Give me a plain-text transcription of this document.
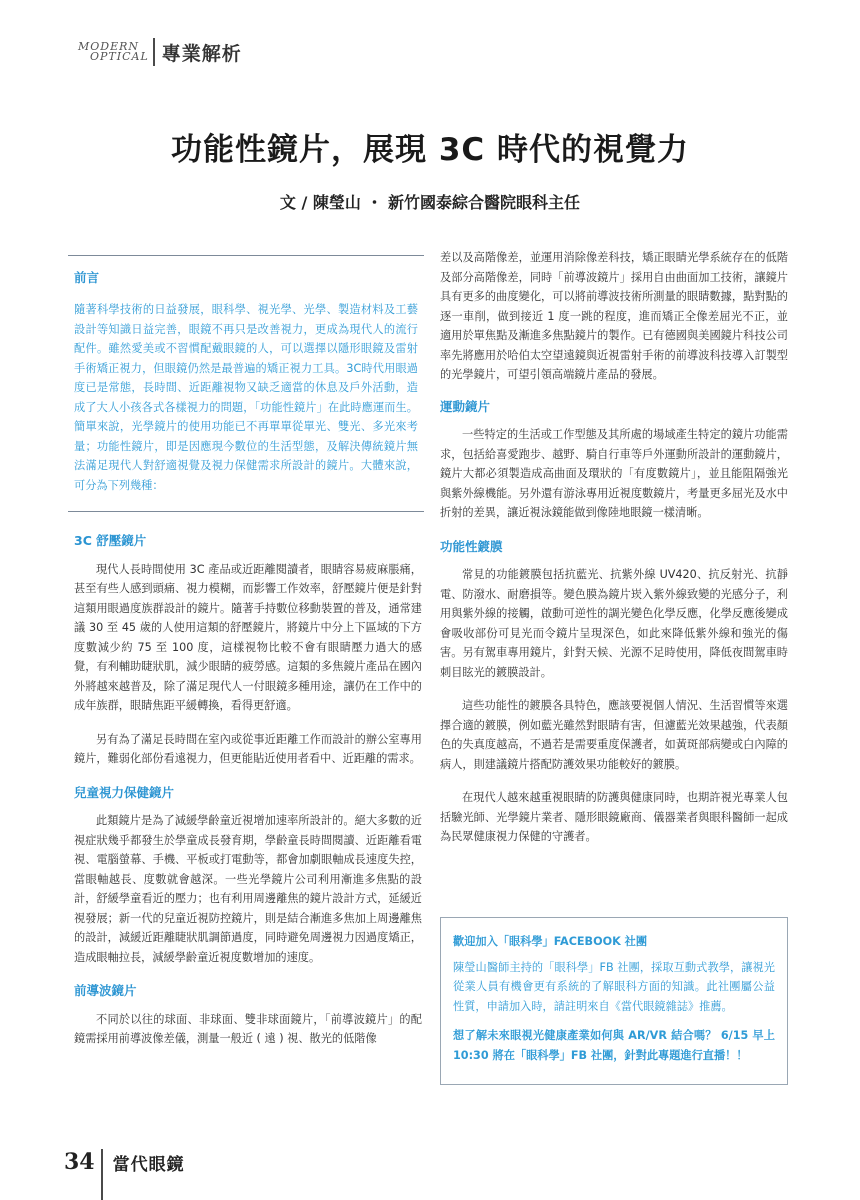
MODERN
OPTICAL 專業解析
功能性鏡片，展現 3C 時代的視覺力
文 / 陳瑩山 ・ 新竹國泰綜合醫院眼科主任
前言

隨著科學技術的日益發展，眼科學、視光學、光學、製造材料及工藝設計等知識日益完善，眼鏡不再只是改善視力，更成為現代人的流行配件。雖然愛美或不習慣配戴眼鏡的人，可以選擇以隱形眼鏡及雷射手術矯正視力，但眼鏡仍然是最普遍的矯正視力工具。3C時代用眼過度已是常態，長時間、近距離視物又缺乏適當的休息及戶外活動，造成了大人小孩各式各樣視力的問題，「功能性鏡片」在此時應運而生。簡單來說，光學鏡片的使用功能已不再單單從單光、雙光、多光來考量；功能性鏡片，即是因應現今數位的生活型態，及解決傳統鏡片無法滿足現代人對舒適視覺及視力保健需求所設計的鏡片。大體來說，可分為下列幾種：

3C 舒壓鏡片

現代人長時間使用 3C 產品或近距離閱讀者，眼睛容易疲麻脹痛，甚至有些人感到頭痛、視力模糊，而影響工作效率，舒壓鏡片便是針對這類用眼過度族群設計的鏡片。隨著手持數位移動裝置的普及，通常建議 30 至 45 歲的人使用這類的舒壓鏡片，將鏡片中分上下區域的下方度數減少約 75 至 100 度，這樣視物比較不會有眼睛壓力過大的感覺，有利輔助睫狀肌，減少眼睛的疲勞感。這類的多焦鏡片產品在國內外將越來越普及，除了滿足現代人一付眼鏡多種用途，讓仍在工作中的成年族群，眼睛焦距平緩轉換，看得更舒適。

另有為了滿足長時間在室內或從事近距離工作而設計的辦公室專用鏡片，難弱化部份看遠視力，但更能貼近使用者看中、近距離的需求。

兒童視力保健鏡片

此類鏡片是為了減緩學齡童近視增加速率所設計的。絕大多數的近視症狀幾乎都發生於學童成長發育期，學齡童長時間閱讀、近距離看電視、電腦螢幕、手機、平板或打電動等，都會加劇眼軸成長速度失控，當眼軸越長、度數就會越深。一些光學鏡片公司利用漸進多焦點的設計，舒緩學童看近的壓力；也有利用周邊離焦的鏡片設計方式，延緩近視發展；新一代的兒童近視防控鏡片，則是結合漸進多焦加上周邊離焦的設計，減緩近距離睫狀肌調節過度，同時避免周邊視力因過度矯正，造成眼軸拉長，減緩學齡童近視度數增加的速度。

前導波鏡片

不同於以往的球面、非球面、雙非球面鏡片，「前導波鏡片」的配鏡需採用前導波像差儀，測量一般近 ( 遠 ) 視、散光的低階像

差以及高階像差，並運用消除像差科技，矯正眼睛光學系統存在的低階及部分高階像差，同時「前導波鏡片」採用自由曲面加工技術，讓鏡片具有更多的曲度變化，可以將前導波技術所測量的眼睛數據，點對點的逐一車削，做到接近 1 度一跳的程度，進而矯正全像差屈光不正，並適用於單焦點及漸進多焦點鏡片的製作。已有德國與美國鏡片科技公司率先將應用於哈伯太空望遠鏡與近視雷射手術的前導波科技導入訂製型的光學鏡片，可望引領高端鏡片產品的發展。

運動鏡片

一些特定的生活或工作型態及其所處的場域產生特定的鏡片功能需求，包括給喜愛跑步、越野、騎自行車等戶外運動所設計的運動鏡片，鏡片大都必須製造成高曲面及環狀的「有度數鏡片」，並且能阻隔強光與紫外線機能。另外還有游泳專用近視度數鏡片，考量更多屈光及水中折射的差異，讓近視泳鏡能做到像陸地眼鏡一樣清晰。

功能性鍍膜

常見的功能鍍膜包括抗藍光、抗紫外線 UV420、抗反射光、抗靜電、防潑水、耐磨損等。變色膜為鏡片崁入紫外線致變的光感分子，利用與紫外線的接觸，啟動可逆性的調光變色化學反應，化學反應後變成會吸收部份可見光而令鏡片呈現深色，如此來降低紫外線和強光的傷害。另有駕車專用鏡片，針對天候、光源不足時使用，降低夜間駕車時刺目眩光的鍍膜設計。

這些功能性的鍍膜各具特色，應該要視個人情況、生活習慣等來選擇合適的鍍膜，例如藍光雖然對眼睛有害，但濾藍光效果越強，代表顏色的失真度越高，不過若是需要重度保護者，如黃斑部病變或白內障的病人，則建議鏡片搭配防護效果功能較好的鍍膜。

在現代人越來越重視眼睛的防護與健康同時，也期許視光專業人包括驗光師、光學鏡片業者、隱形眼鏡廠商、儀器業者與眼科醫師一起成為民眾健康視力保健的守護者。

歡迎加入「眼科學」FACEBOOK 社團

陳瑩山醫師主持的「眼科學」FB 社團，採取互動式教學，讓視光從業人員有機會更有系統的了解眼科方面的知識。此社團屬公益性質，申請加入時，請註明來自《當代眼鏡雜誌》推薦。

想了解未來眼視光健康產業如何與 AR/VR 結合嗎？ 6/15 早上 10:30 將在「眼科學」FB 社團，針對此專題進行直播！！

34 當代眼鏡
